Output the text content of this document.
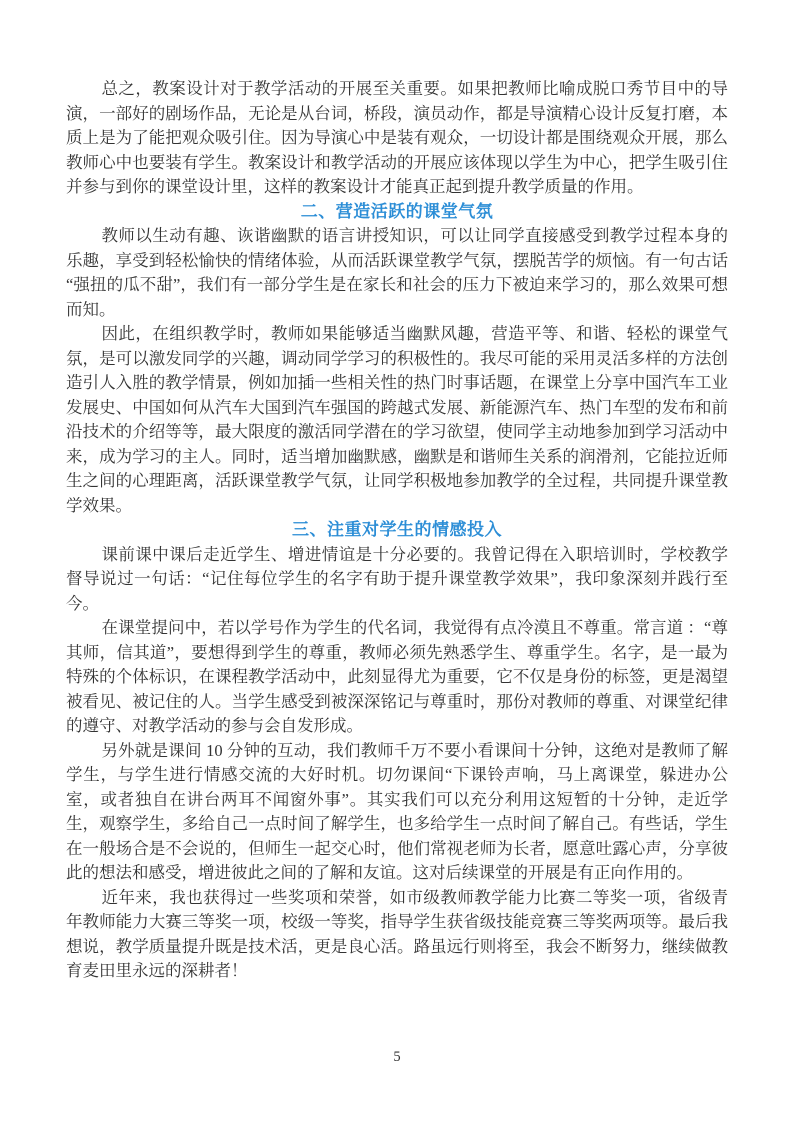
总之，教案设计对于教学活动的开展至关重要。如果把教师比喻成脱口秀节目中的导演，一部好的剧场作品，无论是从台词，桥段，演员动作，都是导演精心设计反复打磨，本质上是为了能把观众吸引住。因为导演心中是装有观众，一切设计都是围绕观众开展，那么教师心中也要装有学生。教案设计和教学活动的开展应该体现以学生为中心，把学生吸引住并参与到你的课堂设计里，这样的教案设计才能真正起到提升教学质量的作用。

二、营造活跃的课堂气氛

教师以生动有趣、诙谐幽默的语言讲授知识，可以让同学直接感受到教学过程本身的乐趣，享受到轻松愉快的情绪体验，从而活跃课堂教学气氛，摆脱苦学的烦恼。有一句古话“强扭的瓜不甜”，我们有一部分学生是在家长和社会的压力下被迫来学习的，那么效果可想而知。

因此，在组织教学时，教师如果能够适当幽默风趣，营造平等、和谐、轻松的课堂气氛，是可以激发同学的兴趣，调动同学学习的积极性的。我尽可能的采用灵活多样的方法创造引人入胜的教学情景，例如加插一些相关性的热门时事话题，在课堂上分享中国汽车工业发展史、中国如何从汽车大国到汽车强国的跨越式发展、新能源汽车、热门车型的发布和前沿技术的介绍等等，最大限度的激活同学潜在的学习欲望，使同学主动地参加到学习活动中来，成为学习的主人。同时，适当增加幽默感，幽默是和谐师生关系的润滑剂，它能拉近师生之间的心理距离，活跃课堂教学气氛，让同学积极地参加教学的全过程，共同提升课堂教学效果。

三、注重对学生的情感投入

课前课中课后走近学生、增进情谊是十分必要的。我曾记得在入职培训时，学校教学督导说过一句话：“记住每位学生的名字有助于提升课堂教学效果”，我印象深刻并践行至今。

在课堂提问中，若以学号作为学生的代名词，我觉得有点冷漠且不尊重。常言道 ：“尊其师，信其道”，要想得到学生的尊重，教师必须先熟悉学生、尊重学生。名字，是一最为特殊的个体标识，在课程教学活动中，此刻显得尤为重要，它不仅是身份的标签，更是渴望被看见、被记住的人。当学生感受到被深深铭记与尊重时，那份对教师的尊重、对课堂纪律的遵守、对教学活动的参与会自发形成。

另外就是课间 10 分钟的互动，我们教师千万不要小看课间十分钟，这绝对是教师了解学生，与学生进行情感交流的大好时机。切勿课间“下课铃声响，马上离课堂，躲进办公室，或者独自在讲台两耳不闻窗外事”。其实我们可以充分利用这短暂的十分钟，走近学生，观察学生，多给自己一点时间了解学生，也多给学生一点时间了解自己。有些话，学生在一般场合是不会说的，但师生一起交心时，他们常视老师为长者，愿意吐露心声，分享彼此的想法和感受，增进彼此之间的了解和友谊。这对后续课堂的开展是有正向作用的。

近年来，我也获得过一些奖项和荣誉，如市级教师教学能力比赛二等奖一项，省级青年教师能力大赛三等奖一项，校级一等奖，指导学生获省级技能竞赛三等奖两项等。最后我想说，教学质量提升既是技术活，更是良心活。路虽远行则将至，我会不断努力，继续做教育麦田里永远的深耕者！

5
